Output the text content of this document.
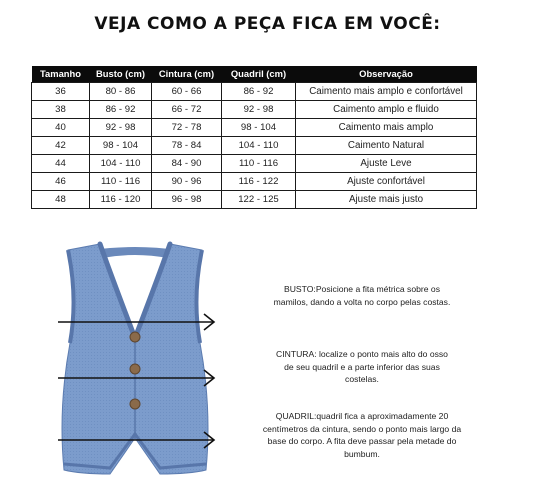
VEJA COMO A PEÇA FICA EM VOCÊ:
Tamanho	Busto (cm)	Cintura (cm)	Quadril (cm)	Observação
36	80 - 86	60 - 66	86 - 92	Caimento mais amplo e confortável
38	86 - 92	66 - 72	92 - 98	Caimento amplo e fluido
40	92 - 98	72 - 78	98 - 104	Caimento mais amplo
42	98 - 104	78 - 84	104 - 110	Caimento Natural
44	104 - 110	84 - 90	110 - 116	Ajuste Leve
46	110 - 116	90 - 96	116 - 122	Ajuste confortável
48	116 - 120	96 - 98	122 - 125	Ajuste mais justo
BUSTO:Posicione a fita métrica sobre os
mamilos, dando a volta no corpo pelas costas.
CINTURA: localize o ponto mais alto do osso
de seu quadril e a parte inferior das suas
costelas.
QUADRIL:quadril fica a aproximadamente 20
centímetros da cintura, sendo o ponto mais largo da
base do corpo. A fita deve passar pela metade do
bumbum.
